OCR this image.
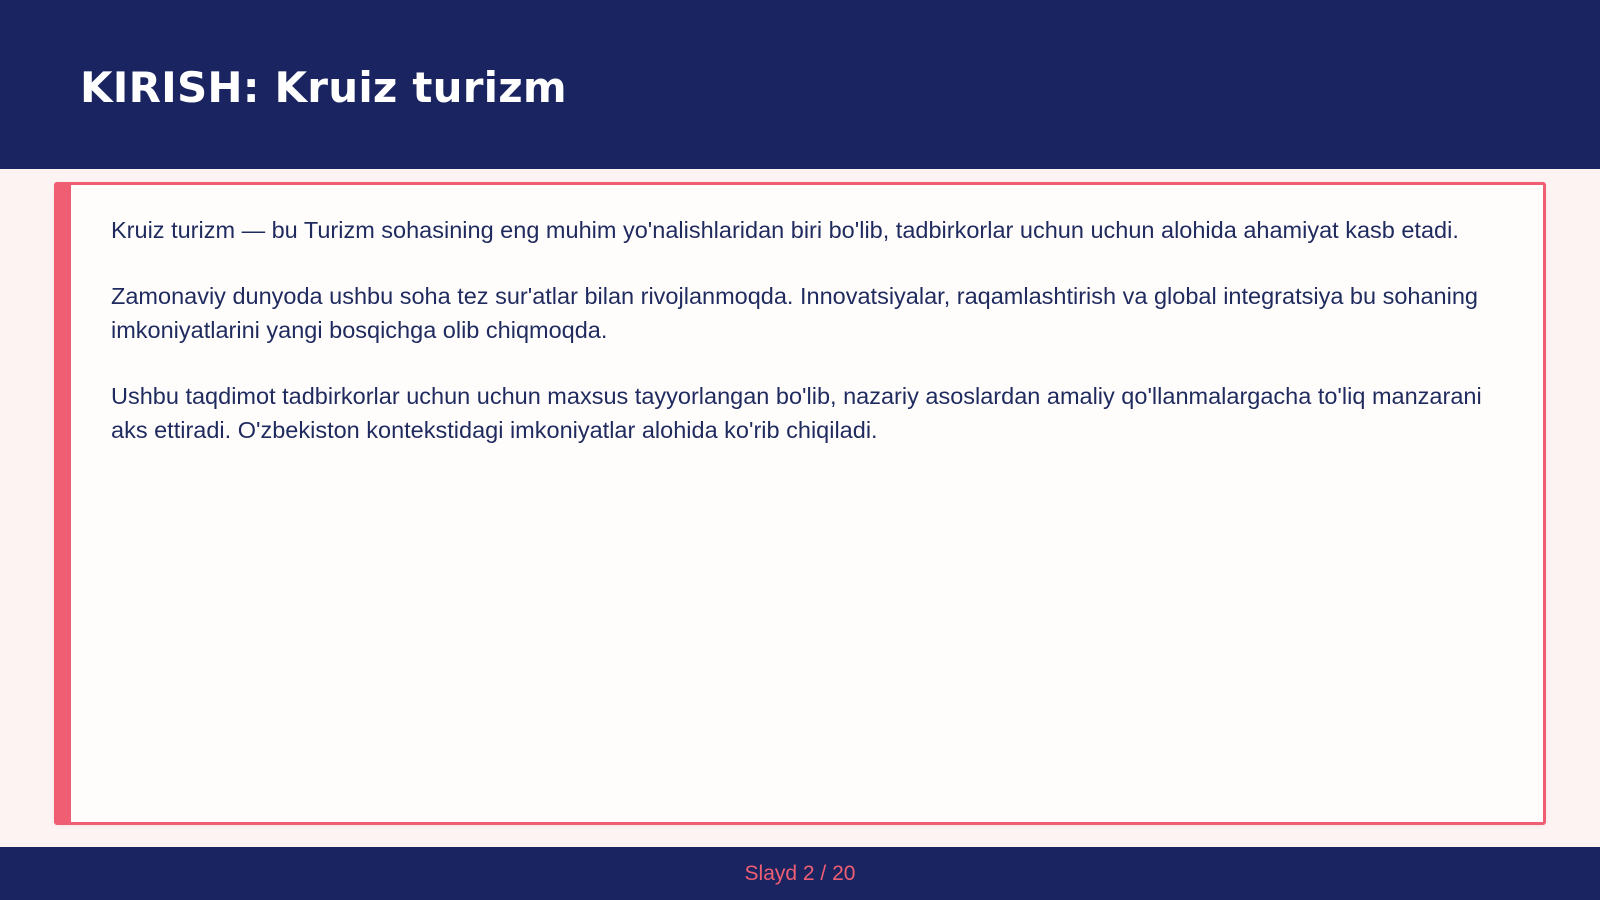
KIRISH: Kruiz turizm

Kruiz turizm — bu Turizm sohasining eng muhim yo'nalishlaridan biri bo'lib, tadbirkorlar uchun uchun alohida ahamiyat kasb etadi.

Zamonaviy dunyoda ushbu soha tez sur'atlar bilan rivojlanmoqda. Innovatsiyalar, raqamlashtirish va global integratsiya bu sohaning imkoniyatlarini yangi bosqichga olib chiqmoqda.

Ushbu taqdimot tadbirkorlar uchun uchun maxsus tayyorlangan bo'lib, nazariy asoslardan amaliy qo'llanmalargacha to'liq manzarani aks ettiradi. O'zbekiston kontekstidagi imkoniyatlar alohida ko'rib chiqiladi.

Slayd 2 / 20
